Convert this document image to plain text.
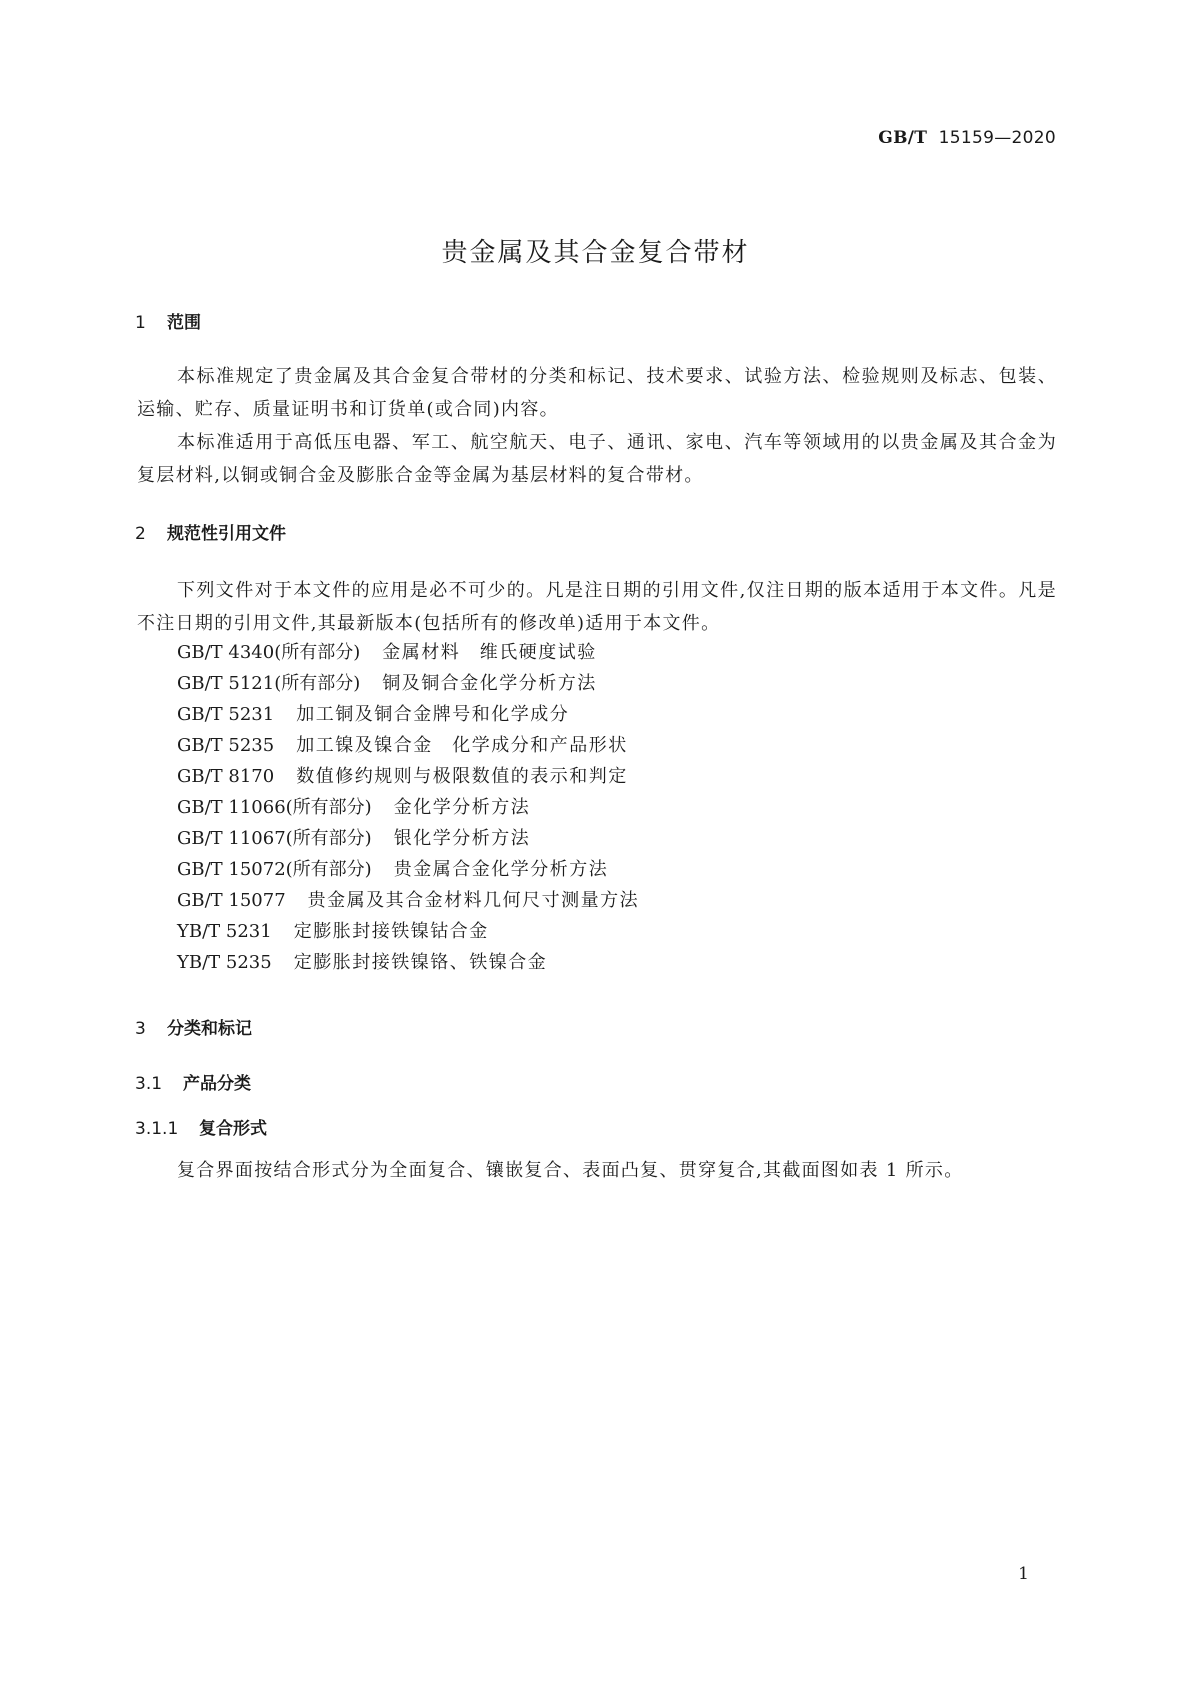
GB/T 15159—2020
贵金属及其合金复合带材
1 范围
本标准规定了贵金属及其合金复合带材的分类和标记、技术要求、试验方法、检验规则及标志、包装、运输、贮存、质量证明书和订货单(或合同)内容。
本标准适用于高低压电器、军工、航空航天、电子、通讯、家电、汽车等领域用的以贵金属及其合金为复层材料,以铜或铜合金及膨胀合金等金属为基层材料的复合带材。
2 规范性引用文件
下列文件对于本文件的应用是必不可少的。凡是注日期的引用文件,仅注日期的版本适用于本文件。凡是不注日期的引用文件,其最新版本(包括所有的修改单)适用于本文件。
GB/T 4340(所有部分) 金属材料　维氏硬度试验
GB/T 5121(所有部分) 铜及铜合金化学分析方法
GB/T 5231 加工铜及铜合金牌号和化学成分
GB/T 5235 加工镍及镍合金　化学成分和产品形状
GB/T 8170 数值修约规则与极限数值的表示和判定
GB/T 11066(所有部分) 金化学分析方法
GB/T 11067(所有部分) 银化学分析方法
GB/T 15072(所有部分) 贵金属合金化学分析方法
GB/T 15077 贵金属及其合金材料几何尺寸测量方法
YB/T 5231 定膨胀封接铁镍钴合金
YB/T 5235 定膨胀封接铁镍铬、铁镍合金
3 分类和标记
3.1 产品分类
3.1.1 复合形式
复合界面按结合形式分为全面复合、镶嵌复合、表面凸复、贯穿复合,其截面图如表 1 所示。
1
